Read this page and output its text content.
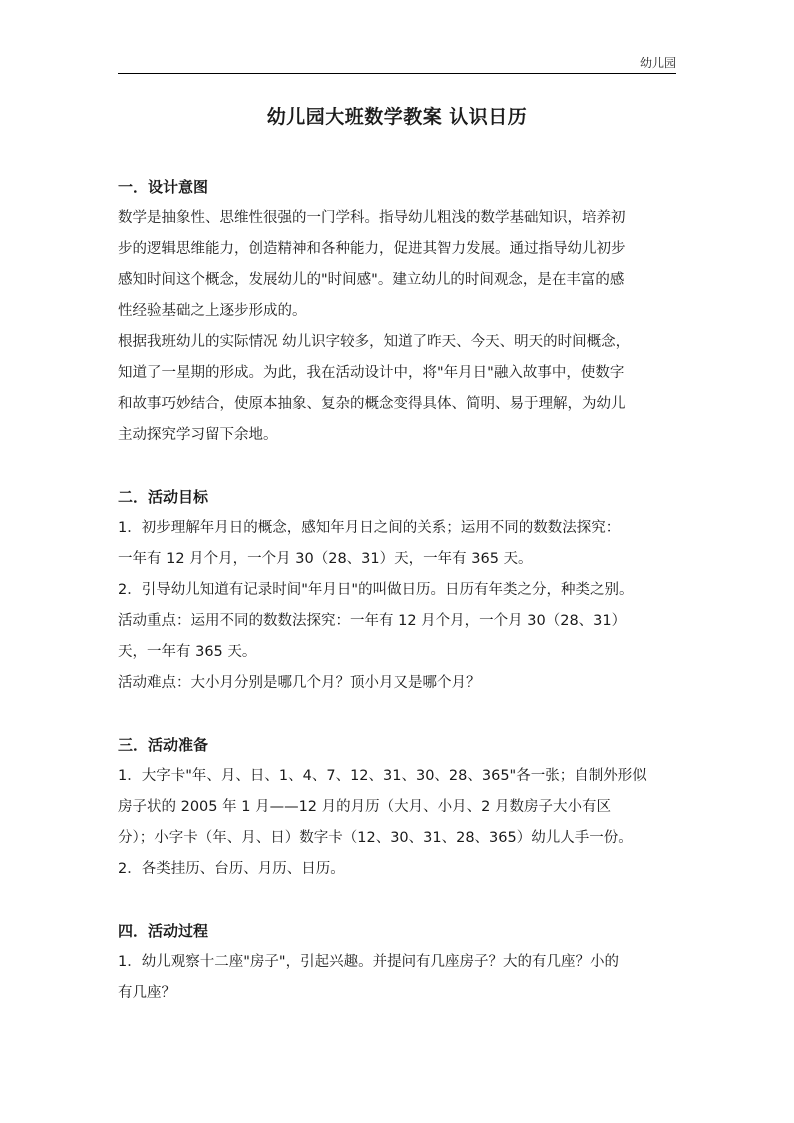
幼儿园
幼儿园大班数学教案 认识日历
一．设计意图

数学是抽象性、思维性很强的一门学科。指导幼儿粗浅的数学基础知识，培养初

步的逻辑思维能力，创造精神和各种能力，促进其智力发展。通过指导幼儿初步

感知时间这个概念，发展幼儿的"时间感"。建立幼儿的时间观念，是在丰富的感

性经验基础之上逐步形成的。

根据我班幼儿的实际情况 幼儿识字较多，知道了昨天、今天、明天的时间概念，

知道了一星期的形成。为此，我在活动设计中，将"年月日"融入故事中，使数字

和故事巧妙结合，使原本抽象、复杂的概念变得具体、简明、易于理解，为幼儿

主动探究学习留下余地。

二．活动目标

1．初步理解年月日的概念，感知年月日之间的关系；运用不同的数数法探究：

一年有 12 月个月，一个月 30（28、31）天，一年有 365 天。

2．引导幼儿知道有记录时间"年月日"的叫做日历。日历有年类之分，种类之别。

活动重点：运用不同的数数法探究：一年有 12 月个月，一个月 30（28、31）

天，一年有 365 天。

活动难点：大小月分别是哪几个月？顶小月又是哪个月？

三．活动准备

1．大字卡"年、月、日、1、4、7、12、31、30、28、365"各一张；自制外形似

房子状的 2005 年 1 月——12 月的月历（大月、小月、2 月数房子大小有区

分）；小字卡（年、月、日）数字卡（12、30、31、28、365）幼儿人手一份。

2．各类挂历、台历、月历、日历。

四．活动过程

1．幼儿观察十二座"房子"，引起兴趣。并提问有几座房子？大的有几座？小的

有几座？
